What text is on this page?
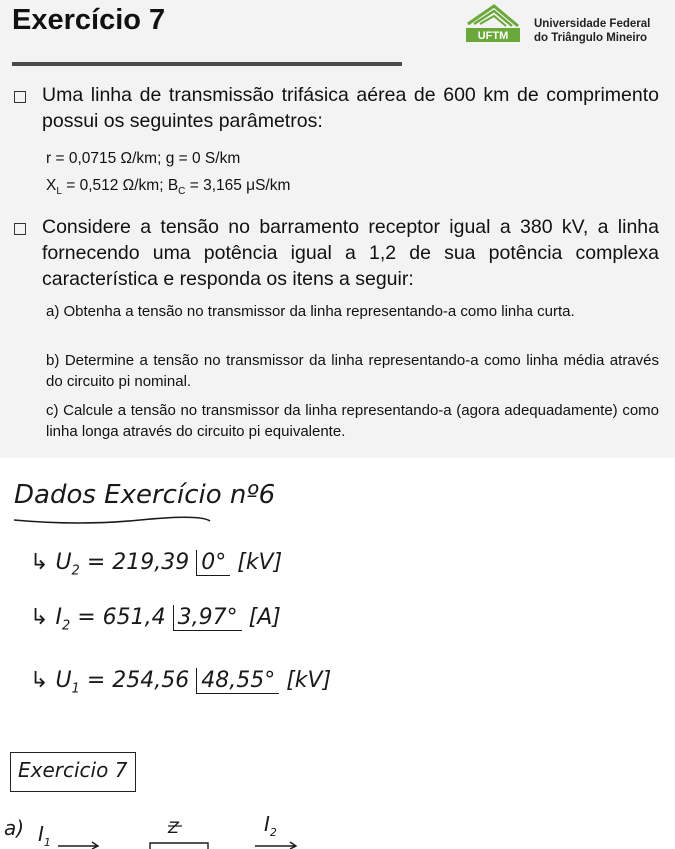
Exercício 7	UFTM
Universidade Federal
do Triângulo Mineiro
Uma linha de transmissão trifásica aérea de 600 km de comprimento possui os seguintes parâmetros:
r = 0,0715 Ω/km; g = 0 S/km
$X_L = 0,512$ Ω/km; $B_C = 3,165$ μS/km
Considere a tensão no barramento receptor igual a 380 kV, a linha fornecendo uma potência igual a 1,2 de sua potência complexa característica e responda os itens a seguir:
a) Obtenha a tensão no transmissor da linha representando-a como linha curta.
b) Determine a tensão no transmissor da linha representando-a como linha média através do circuito pi nominal.
c) Calcule a tensão no transmissor da linha representando-a (agora adequadamente) como linha longa através do circuito pi equivalente.
Dados Exercício nº6
↳ $U_2 = 219,39$ 0° [kV]
↳ $I_2 = 651,4$ 3,97° [A]
↳ $U_1 = 254,56$ 48,55° [kV]
Exercicio 7
a) $I_1$
Z	$I_2$
